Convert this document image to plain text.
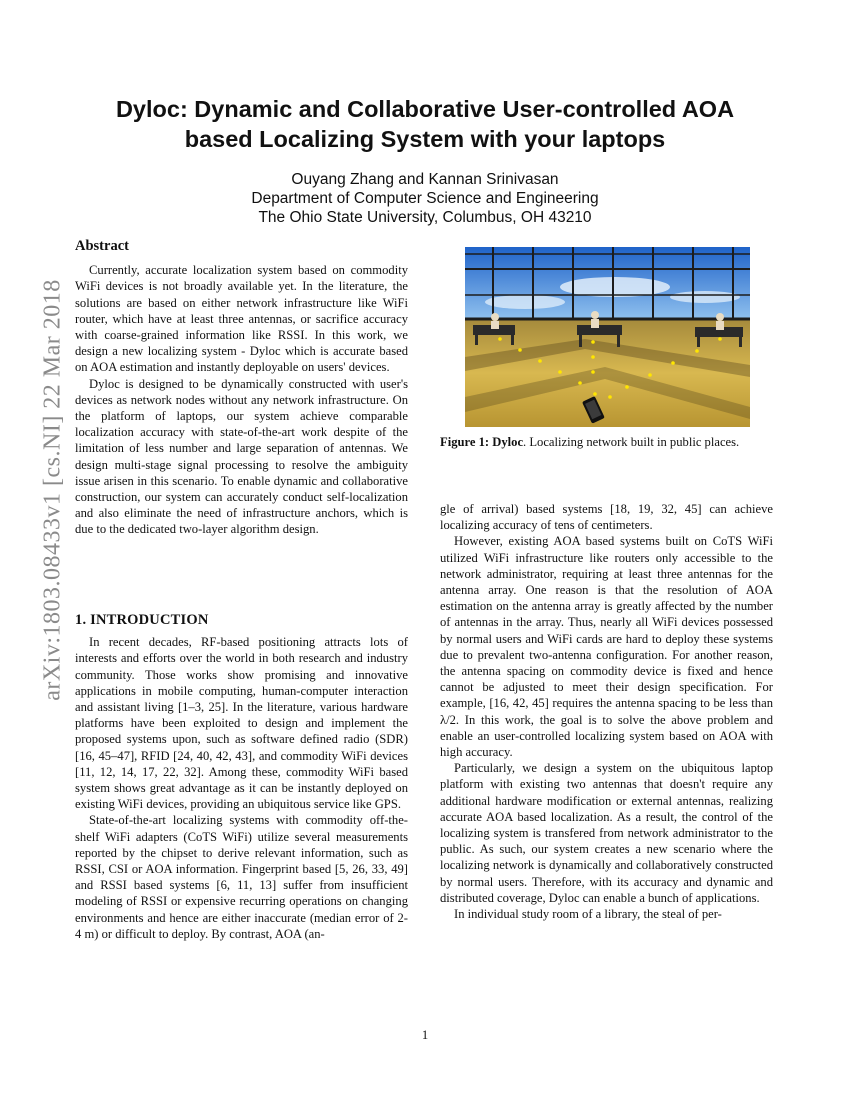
arXiv:1803.08433v1 [cs.NI] 22 Mar 2018
Dyloc: Dynamic and Collaborative User-controlled AOA
based Localizing System with your laptops
Ouyang Zhang and Kannan Srinivasan
Department of Computer Science and Engineering
The Ohio State University, Columbus, OH 43210
Abstract

Currently, accurate localization system based on commodity WiFi devices is not broadly available yet. In the literature, the solutions are based on either network infrastructure like WiFi router, which have at least three antennas, or sacrifice accuracy with coarse-grained information like RSSI. In this work, we design a new localizing system - Dyloc which is accurate based on AOA estimation and instantly deployable on users' devices.

Dyloc is designed to be dynamically constructed with user's devices as network nodes without any network infrastructure. On the platform of laptops, our system achieve comparable localization accuracy with state-of-the-art work despite of the limitation of less number and large separation of antennas. We design multi-stage signal processing to resolve the ambiguity issue arisen in this scenario. To enable dynamic and collaborative construction, our system can accurately conduct self-localization and also eliminate the need of infrastructure anchors, which is due to the dedicated two-layer algorithm design.

1. INTRODUCTION

In recent decades, RF-based positioning attracts lots of interests and efforts over the world in both research and industry community. Those works show promising and innovative applications in mobile computing, human-computer interaction and assistant living [1–3, 25]. In the literature, various hardware platforms have been exploited to design and implement the proposed systems upon, such as software defined radio (SDR) [16, 45–47], RFID [24, 40, 42, 43], and commodity WiFi devices [11, 12, 14, 17, 22, 32]. Among these, commodity WiFi based system shows great advantage as it can be instantly deployed on existing WiFi devices, providing an ubiquitous service like GPS.

State-of-the-art localizing systems with commodity off-the-shelf WiFi adapters (CoTS WiFi) utilize several measurements reported by the chipset to derive relevant information, such as RSSI, CSI or AOA information. Fingerprint based [5, 26, 33, 49] and RSSI based systems [6, 11, 13] suffer from insufficient modeling of RSSI or expensive recurring operations on changing environments and hence are either inaccurate (median error of 2-4 m) or difficult to deploy. By contrast, AOA (an-

Figure 1: Dyloc. Localizing network built in public places.

gle of arrival) based systems [18, 19, 32, 45] can achieve localizing accuracy of tens of centimeters.

However, existing AOA based systems built on CoTS WiFi utilized WiFi infrastructure like routers only accessible to the network administrator, requiring at least three antennas for the antenna array. One reason is that the resolution of AOA estimation on the antenna array is greatly affected by the number of antennas in the array. Thus, nearly all WiFi devices possessed by normal users and WiFi cards are hard to deploy these systems due to prevalent two-antenna configuration. For another reason, the antenna spacing on commodity device is fixed and hence cannot be adjusted to meet their design specification. For example, [16, 42, 45] requires the antenna spacing to be less than λ/2. In this work, the goal is to solve the above problem and enable an user-controlled localizing system based on AOA with high accuracy.

Particularly, we design a system on the ubiquitous laptop platform with existing two antennas that doesn't require any additional hardware modification or external antennas, realizing accurate AOA based localization. As a result, the control of the localizing system is transfered from network administrator to the public. As such, our system creates a new scenario where the localizing network is dynamically and collaboratively constructed by normal users. Therefore, with its accuracy and dynamic and distributed coverage, Dyloc can enable a bunch of applications.

In individual study room of a library, the steal of per-

1
